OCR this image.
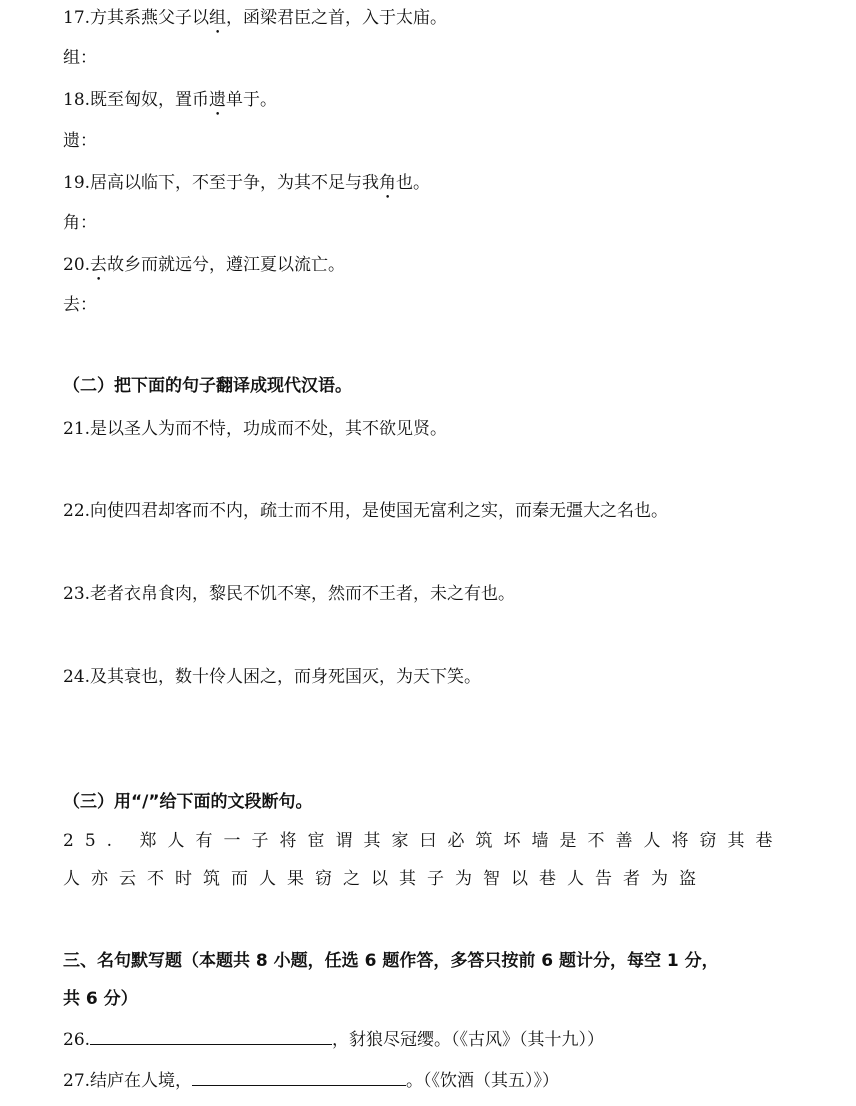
17.方其系燕父子以组，函梁君臣之首，入于太庙。
组：
18.既至匈奴，置币遗单于。
遗：
19.居高以临下，不至于争，为其不足与我角也。
角：
20.去故乡而就远兮，遵江夏以流亡。
去：
（二）把下面的句子翻译成现代汉语。
21.是以圣人为而不恃，功成而不处，其不欲见贤。
22.向使四君却客而不内，疏士而不用，是使国无富利之实，而秦无彊大之名也。
23.老者衣帛食肉，黎民不饥不寒，然而不王者，未之有也。
24.及其衰也，数十伶人困之，而身死国灭，为天下笑。
（三）用“/”给下面的文段断句。
25. 郑人有一子将宦谓其家曰必筑坏墙是不善人将窃其巷
人亦云不时筑而人果窃之以其子为智以巷人告者为盗
三、名句默写题（本题共 8 小题，任选 6 题作答，多答只按前 6 题计分，每空 1 分，
共 6 分）
26.	，豺狼尽冠缨。（《古风》（其十九））
27.结庐在人境，	。（《饮酒（其五）》）
